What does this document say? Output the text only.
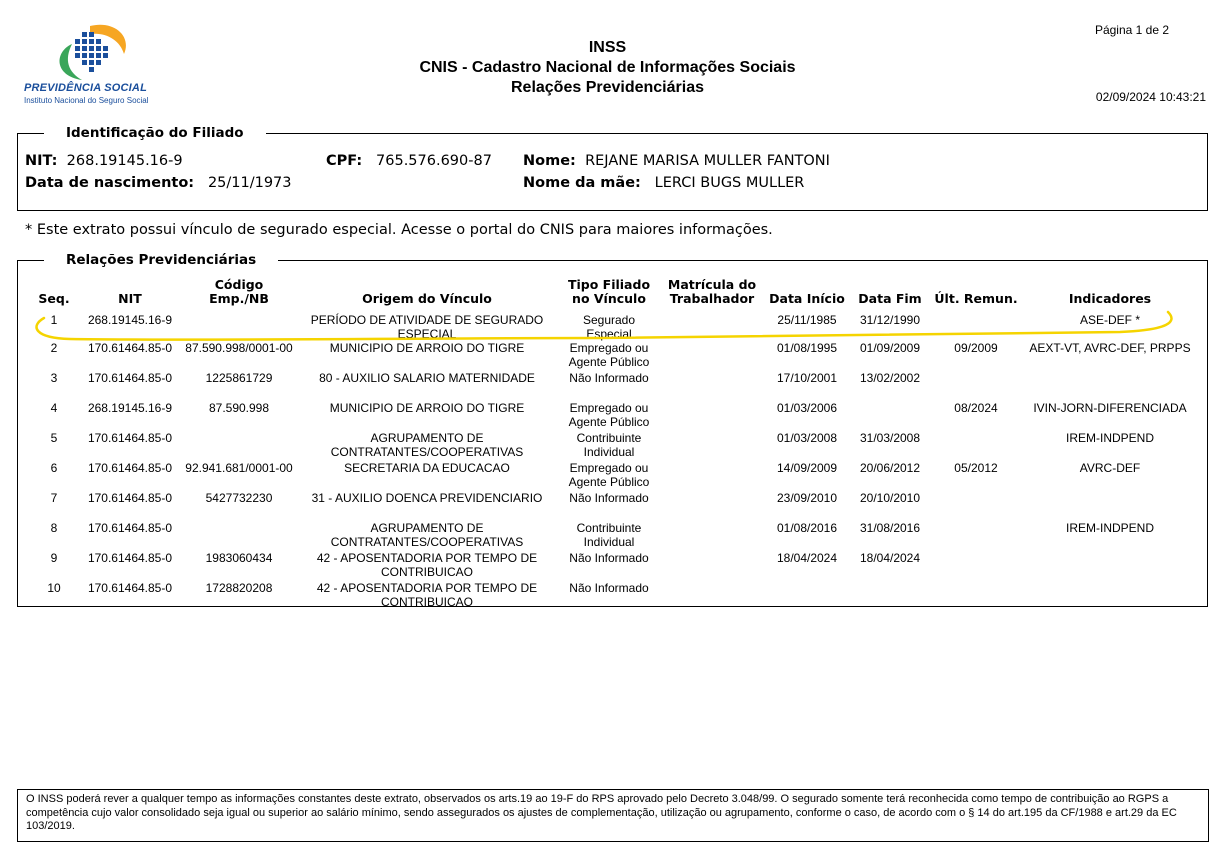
PREVIDÊNCIA SOCIAL
Instituto Nacional do Seguro Social
INSS
CNIS - Cadastro Nacional de Informações Sociais
Relações Previdenciárias
Página 1 de 2
02/09/2024 10:43:21
Identificação do Filiado
NIT: 268.19145.16-9	CPF: 765.576.690-87 Nome: REJANE MARISA MULLER FANTONI
Data de nascimento: 25/11/1973	Nome da mãe: LERCI BUGS MULLER
* Este extrato possui vínculo de segurado especial. Acesse o portal do CNIS para maiores informações.
Relações Previdenciárias
Seq.	NIT	Código Emp./NB	Origem do Vínculo	Tipo Filiado no Vínculo	Matrícula do Trabalhador	Data Início	Data Fim	Últ. Remun.	Indicadores
1	268.19145.16-9		PERÍODO DE ATIVIDADE DE SEGURADO ESPECIAL	Segurado Especial		25/11/1985	31/12/1990		ASE-DEF *
2	170.61464.85-0	87.590.998/0001-00	MUNICIPIO DE ARROIO DO TIGRE	Empregado ou Agente Público		01/08/1995	01/09/2009	09/2009	AEXT-VT, AVRC-DEF, PRPPS
3	170.61464.85-0	1225861729	80 - AUXILIO SALARIO MATERNIDADE	Não Informado		17/10/2001	13/02/2002		
4	268.19145.16-9	87.590.998	MUNICIPIO DE ARROIO DO TIGRE	Empregado ou Agente Público		01/03/2006		08/2024	IVIN-JORN-DIFERENCIADA
5	170.61464.85-0		AGRUPAMENTO DE CONTRATANTES/COOPERATIVAS	Contribuinte Individual		01/03/2008	31/03/2008		IREM-INDPEND
6	170.61464.85-0	92.941.681/0001-00	SECRETARIA DA EDUCACAO	Empregado ou Agente Público		14/09/2009	20/06/2012	05/2012	AVRC-DEF
7	170.61464.85-0	5427732230	31 - AUXILIO DOENCA PREVIDENCIARIO	Não Informado		23/09/2010	20/10/2010		
8	170.61464.85-0		AGRUPAMENTO DE CONTRATANTES/COOPERATIVAS	Contribuinte Individual		01/08/2016	31/08/2016		IREM-INDPEND
9	170.61464.85-0	1983060434	42 - APOSENTADORIA POR TEMPO DE CONTRIBUICAO	Não Informado		18/04/2024	18/04/2024		
10	170.61464.85-0	1728820208	42 - APOSENTADORIA POR TEMPO DE CONTRIBUICAO	Não Informado					
O INSS poderá rever a qualquer tempo as informações constantes deste extrato, observados os arts.19 ao 19-F do RPS aprovado pelo Decreto 3.048/99. O segurado somente terá reconhecida como tempo de contribuição ao RGPS a competência cujo valor consolidado seja igual ou superior ao salário mínimo, sendo assegurados os ajustes de complementação, utilização ou agrupamento, conforme o caso, de acordo com o § 14 do art.195 da CF/1988 e art.29 da EC 103/2019.
